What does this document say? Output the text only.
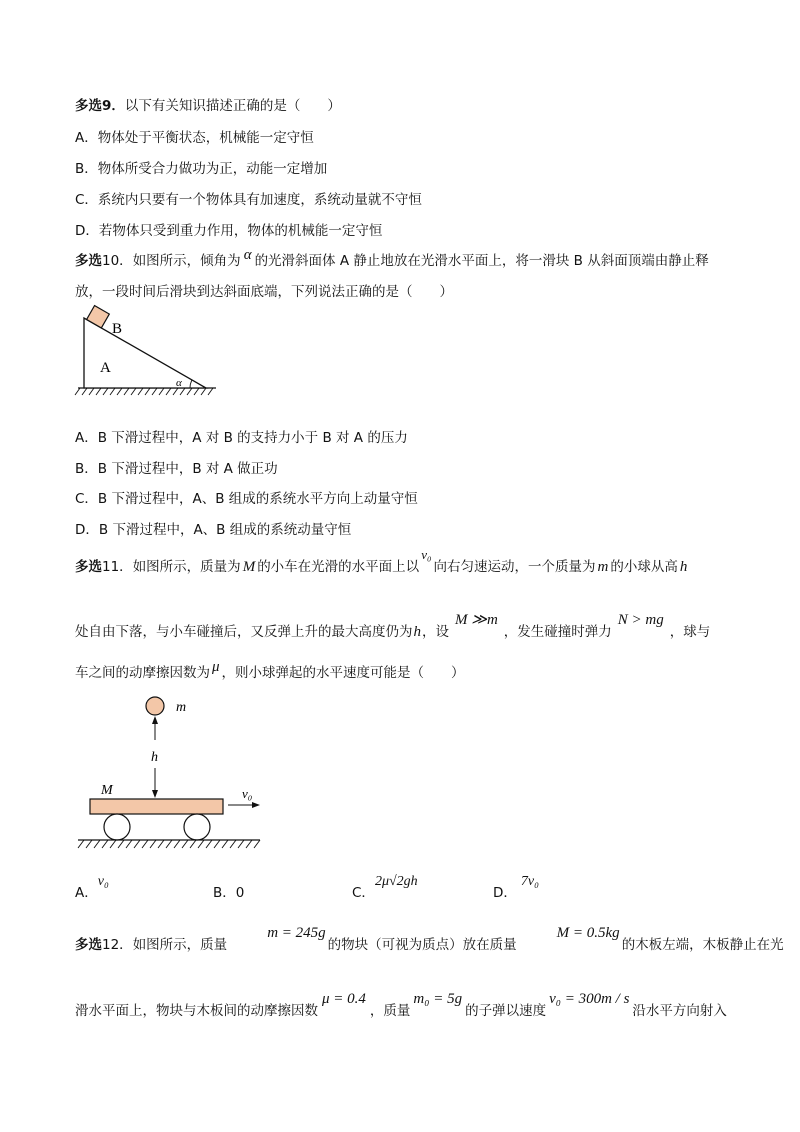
多选9．以下有关知识描述正确的是（　　）
A．物体处于平衡状态，机械能一定守恒
B．物体所受合力做功为正，动能一定增加
C．系统内只要有一个物体具有加速度，系统动量就不守恒
D．若物体只受到重力作用，物体的机械能一定守恒
多选10．如图所示，倾角为 α 的光滑斜面体 A 静止地放在光滑水平面上，将一滑块 B 从斜面顶端由静止释
放，一段时间后滑块到达斜面底端，下列说法正确的是（　　）
B
A
α
A．B 下滑过程中，A 对 B 的支持力小于 B 对 A 的压力
B．B 下滑过程中，B 对 A 做正功
C．B 下滑过程中，A、B 组成的系统水平方向上动量守恒
D．B 下滑过程中，A、B 组成的系统动量守恒
多选11．如图所示，质量为 M 的小车在光滑的水平面上以v₀向右匀速运动，一个质量为 m 的小球从高 h
处自由下落，与小车碰撞后，又反弹上升的最大高度仍为h，设M ≫m，发生碰撞时弹力N > mg，球与
车之间的动摩擦因数为 μ ，则小球弹起的水平速度可能是（　　）
m
h
M	v₀
A．v₀
B．0	C．2μ√2gh
D．7v₀
多选12．如图所示，质量m = 245g的物块（可视为质点）放在质量M = 0.5kg的木板左端，木板静止在光
滑水平面上，物块与木板间的动摩擦因数μ = 0.4，质量m₀ = 5g的子弹以速度v₀ = 300m / s沿水平方向射入
